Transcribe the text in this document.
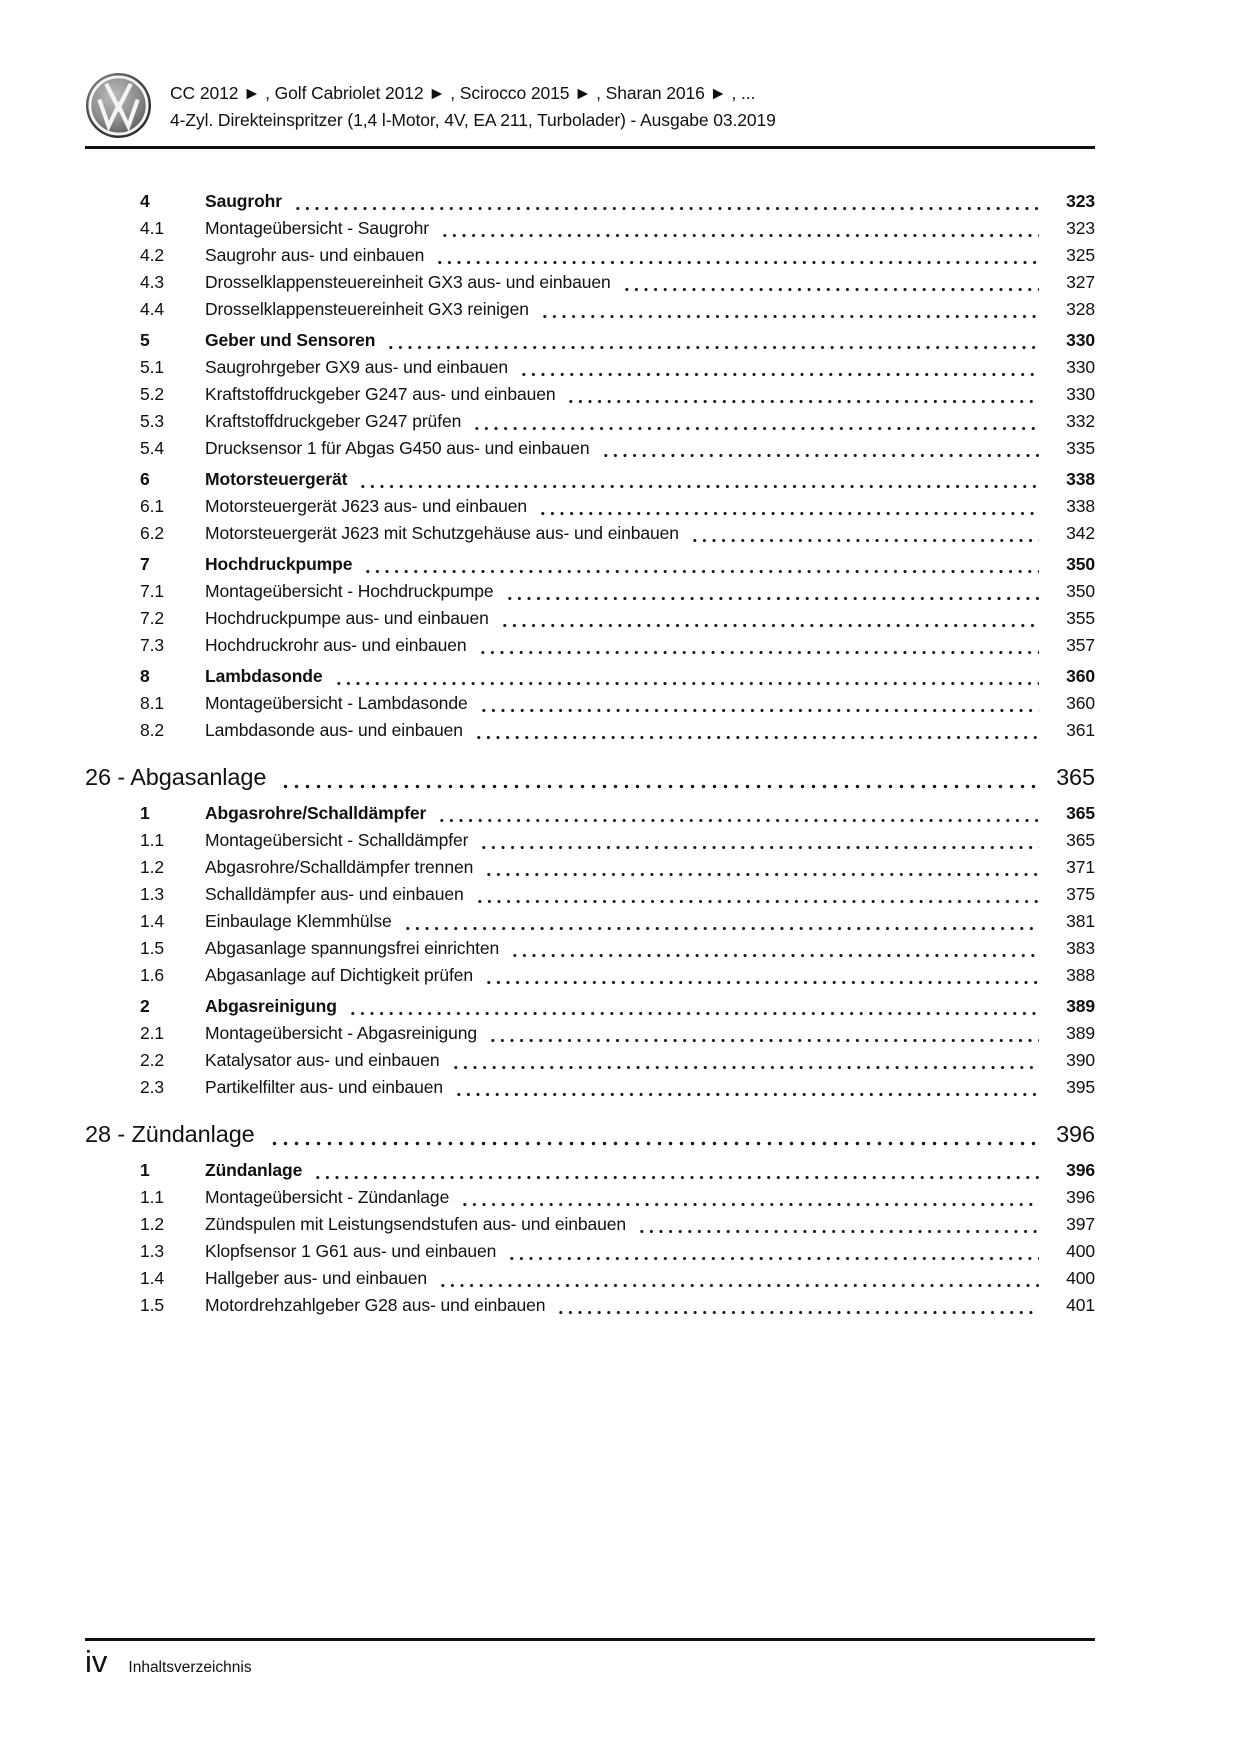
CC 2012 ► , Golf Cabriolet 2012 ► , Scirocco 2015 ► , Sharan 2016 ► , ...
4-Zyl. Direkteinspritzer (1,4 l-Motor, 4V, EA 211, Turbolader) - Ausgabe 03.2019
4	Saugrohr	323
4.1	Montageübersicht - Saugrohr	323
4.2	Saugrohr aus- und einbauen	325
4.3	Drosselklappensteuereinheit GX3 aus- und einbauen	327
4.4	Drosselklappensteuereinheit GX3 reinigen	328
5	Geber und Sensoren	330
5.1	Saugrohrgeber GX9 aus- und einbauen	330
5.2	Kraftstoffdruckgeber G247 aus- und einbauen	330
5.3	Kraftstoffdruckgeber G247 prüfen	332
5.4	Drucksensor 1 für Abgas G450 aus- und einbauen	335
6	Motorsteuergerät	338
6.1	Motorsteuergerät J623 aus- und einbauen	338
6.2	Motorsteuergerät J623 mit Schutzgehäuse aus- und einbauen	342
7	Hochdruckpumpe	350
7.1	Montageübersicht - Hochdruckpumpe	350
7.2	Hochdruckpumpe aus- und einbauen	355
7.3	Hochdruckrohr aus- und einbauen	357
8	Lambdasonde	360
8.1	Montageübersicht - Lambdasonde	360
8.2	Lambdasonde aus- und einbauen	361
26 - Abgasanlage	365
1	Abgasrohre/Schalldämpfer	365
1.1	Montageübersicht - Schalldämpfer	365
1.2	Abgasrohre/Schalldämpfer trennen	371
1.3	Schalldämpfer aus- und einbauen	375
1.4	Einbaulage Klemmhülse	381
1.5	Abgasanlage spannungsfrei einrichten	383
1.6	Abgasanlage auf Dichtigkeit prüfen	388
2	Abgasreinigung	389
2.1	Montageübersicht - Abgasreinigung	389
2.2	Katalysator aus- und einbauen	390
2.3	Partikelfilter aus- und einbauen	395
28 - Zündanlage	396
1	Zündanlage	396
1.1	Montageübersicht - Zündanlage	396
1.2	Zündspulen mit Leistungsendstufen aus- und einbauen	397
1.3	Klopfsensor 1 G61 aus- und einbauen	400
1.4	Hallgeber aus- und einbauen	400
1.5	Motordrehzahlgeber G28 aus- und einbauen	401
iv Inhaltsverzeichnis
